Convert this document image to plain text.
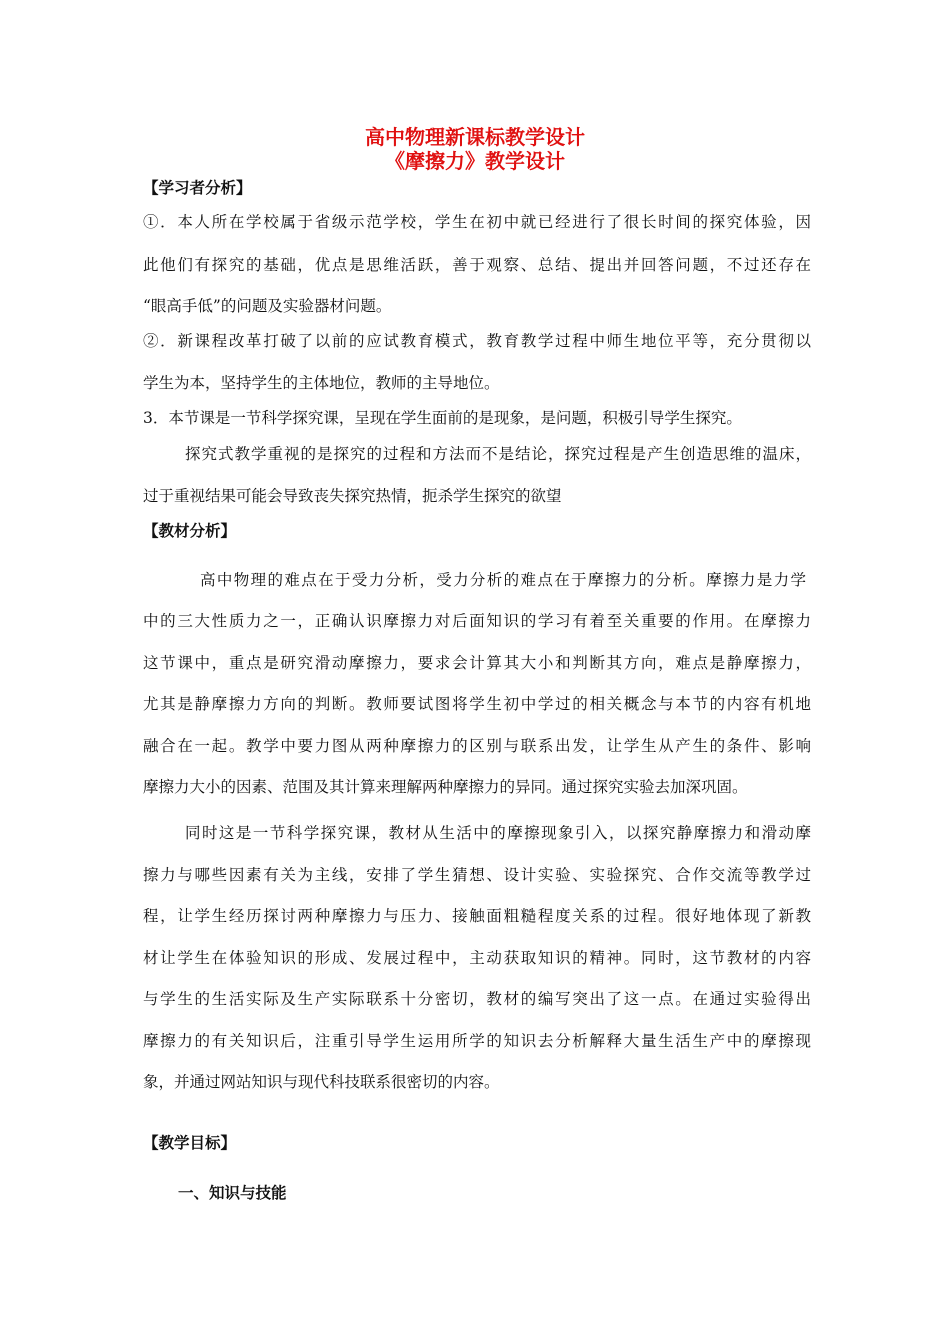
高中物理新课标教学设计
《摩擦力》教学设计
【学习者分析】
①．本人所在学校属于省级示范学校，学生在初中就已经进行了很长时间的探究体验，因
此他们有探究的基础，优点是思维活跃，善于观察、总结、提出并回答问题，不过还存在
“眼高手低”的问题及实验器材问题。
②．新课程改革打破了以前的应试教育模式，教育教学过程中师生地位平等，充分贯彻以
学生为本，坚持学生的主体地位，教师的主导地位。
3．本节课是一节科学探究课，呈现在学生面前的是现象，是问题，积极引导学生探究。
探究式教学重视的是探究的过程和方法而不是结论，探究过程是产生创造思维的温床，
过于重视结果可能会导致丧失探究热情，扼杀学生探究的欲望
【教材分析】
高中物理的难点在于受力分析，受力分析的难点在于摩擦力的分析。摩擦力是力学
中的三大性质力之一，正确认识摩擦力对后面知识的学习有着至关重要的作用。在摩擦力
这节课中，重点是研究滑动摩擦力，要求会计算其大小和判断其方向，难点是静摩擦力，
尤其是静摩擦力方向的判断。教师要试图将学生初中学过的相关概念与本节的内容有机地
融合在一起。教学中要力图从两种摩擦力的区别与联系出发，让学生从产生的条件、影响
摩擦力大小的因素、范围及其计算来理解两种摩擦力的异同。通过探究实验去加深巩固。
同时这是一节科学探究课，教材从生活中的摩擦现象引入，以探究静摩擦力和滑动摩
擦力与哪些因素有关为主线，安排了学生猜想、设计实验、实验探究、合作交流等教学过
程，让学生经历探讨两种摩擦力与压力、接触面粗糙程度关系的过程。很好地体现了新教
材让学生在体验知识的形成、发展过程中，主动获取知识的精神。同时，这节教材的内容
与学生的生活实际及生产实际联系十分密切，教材的编写突出了这一点。在通过实验得出
摩擦力的有关知识后，注重引导学生运用所学的知识去分析解释大量生活生产中的摩擦现
象，并通过网站知识与现代科技联系很密切的内容。
【教学目标】
一、知识与技能
